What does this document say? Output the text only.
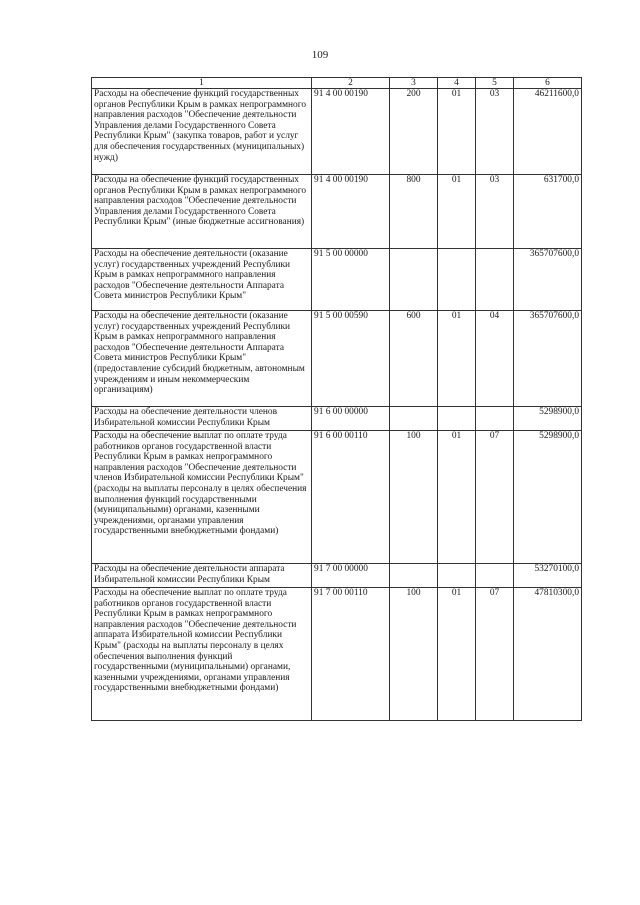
109
1	2	3	4	5	6
Расходы на обеспечение функций государственных органов Республики Крым в рамках непрограммного направления расходов "Обеспечение деятельности Управления делами Государственного Совета Республики Крым" (закупка товаров, работ и услуг для обеспечения государственных (муниципальных) нужд)	91 4 00 00190	200	01	03	46211600,0
Расходы на обеспечение функций государственных органов Республики Крым в рамках непрограммного направления расходов "Обеспечение деятельности Управления делами Государственного Совета Республики Крым" (иные бюджетные ассигнования)	91 4 00 00190	800	01	03	631700,0
Расходы на обеспечение деятельности (оказание услуг) государственных учреждений Республики Крым в рамках непрограммного направления расходов "Обеспечение деятельности Аппарата Совета министров Республики Крым"	91 5 00 00000				365707600,0
Расходы на обеспечение деятельности (оказание услуг) государственных учреждений Республики Крым в рамках непрограммного направления расходов "Обеспечение деятельности Аппарата Совета министров Республики Крым" (предоставление субсидий бюджетным, автономным учреждениям и иным некоммерческим организациям)	91 5 00 00590	600	01	04	365707600,0
Расходы на обеспечение деятельности членов Избирательной комиссии Республики Крым	91 6 00 00000				5298900,0
Расходы на обеспечение выплат по оплате труда работников органов государственной власти Республики Крым в рамках непрограммного направления расходов "Обеспечение деятельности членов Избирательной комиссии Республики Крым" (расходы на выплаты персоналу в целях обеспечения выполнения функций государственными (муниципальными) органами, казенными учреждениями, органами управления государственными внебюджетными фондами)	91 6 00 00110	100	01	07	5298900,0
Расходы на обеспечение деятельности аппарата Избирательной комиссии Республики Крым	91 7 00 00000				53270100,0
Расходы на обеспечение выплат по оплате труда работников органов государственной власти Республики Крым в рамках непрограммного направления расходов "Обеспечение деятельности аппарата Избирательной комиссии Республики Крым" (расходы на выплаты персоналу в целях обеспечения выполнения функций государственными (муниципальными) органами, казенными учреждениями, органами управления государственными внебюджетными фондами)	91 7 00 00110	100	01	07	47810300,0
